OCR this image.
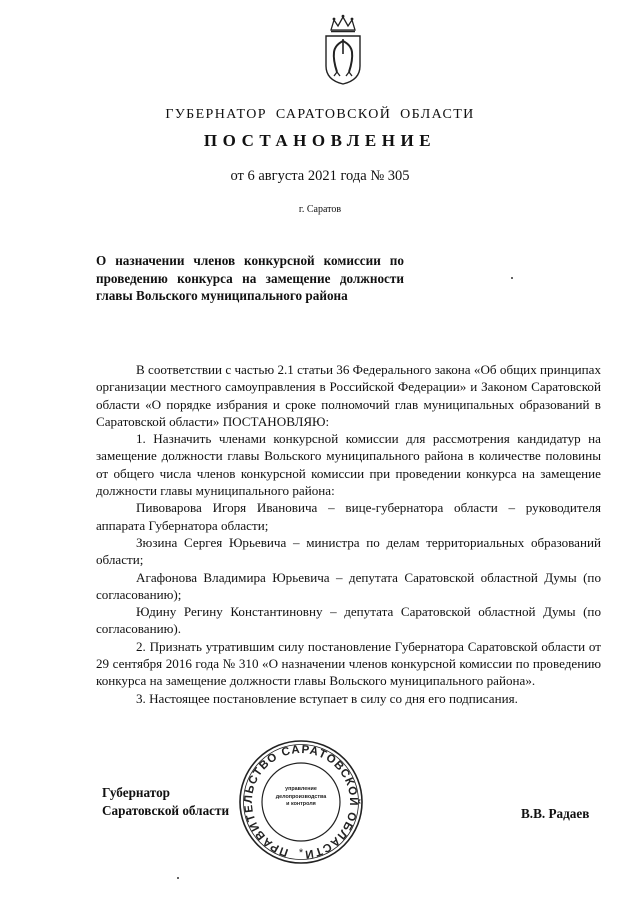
ГУБЕРНАТОР САРАТОВСКОЙ ОБЛАСТИ
ПОСТАНОВЛЕНИЕ
от 6 августа 2021 года № 305
г. Саратов
О назначении членов конкурсной комиссии по проведению конкурса на замещение должности главы Вольского муниципального района

В соответствии с частью 2.1 статьи 36 Федерального закона «Об общих принципах организации местного самоуправления в Российской Федерации» и Законом Саратовской области «О порядке избрания и сроке полномочий глав муниципальных образований в Саратовской области» ПОСТАНОВЛЯЮ:

1. Назначить членами конкурсной комиссии для рассмотрения кандидатур на замещение должности главы Вольского муниципального района в количестве половины от общего числа членов конкурсной комиссии при проведении конкурса на замещение должности главы муниципального района:

Пивоварова Игоря Ивановича – вице-губернатора области – руководителя аппарата Губернатора области;

Зюзина Сергея Юрьевича – министра по делам территориальных образований области;

Агафонова Владимира Юрьевича – депутата Саратовской областной Думы (по согласованию);

Юдину Регину Константиновну – депутата Саратовской областной Думы (по согласованию).

2. Признать утратившим силу постановление Губернатора Саратовской области от 29 сентября 2016 года № 310 «О назначении членов конкурсной комиссии по проведению конкурса на замещение должности главы Вольского муниципального района».

3. Настоящее постановление вступает в силу со дня его подписания.

Губернатор
Саратовской области	В.В. Радаев
ПРАВИТЕЛЬСТВО САРАТОВСКОЙ ОБЛАСТИ
*
управление
делопроизводства
и контроля
